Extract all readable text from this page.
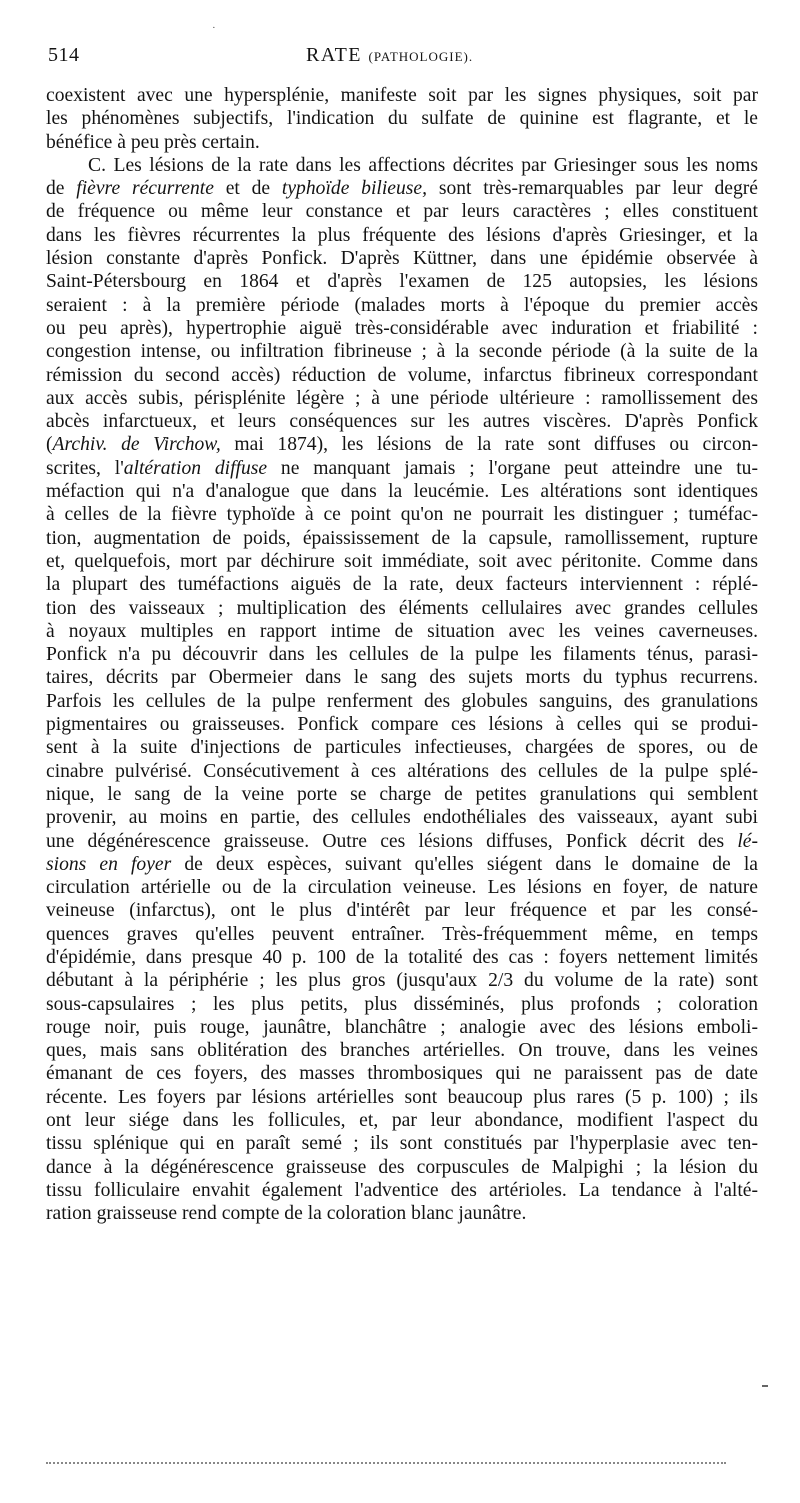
·
514	RATE (PATHOLOGIE).
coexistent avec une hypersplénie, manifeste soit par les signes physiques, soit par
les phénomènes subjectifs, l'indication du sulfate de quinine est flagrante, et le
bénéfice à peu près certain.
C. Les lésions de la rate dans les affections décrites par Griesinger sous les noms
de fièvre récurrente et de typhoïde bilieuse, sont très-remarquables par leur degré
de fréquence ou même leur constance et par leurs caractères ; elles constituent
dans les fièvres récurrentes la plus fréquente des lésions d'après Griesinger, et la
lésion constante d'après Ponfick. D'après Küttner, dans une épidémie observée à
Saint-Pétersbourg en 1864 et d'après l'examen de 125 autopsies, les lésions
seraient : à la première période (malades morts à l'époque du premier accès
ou peu après), hypertrophie aiguë très-considérable avec induration et friabilité :
congestion intense, ou infiltration fibrineuse ; à la seconde période (à la suite de la
rémission du second accès) réduction de volume, infarctus fibrineux correspondant
aux accès subis, périsplénite légère ; à une période ultérieure : ramollissement des
abcès infarctueux, et leurs conséquences sur les autres viscères. D'après Ponfick
(Archiv. de Virchow, mai 1874), les lésions de la rate sont diffuses ou circon-
scrites, l'altération diffuse ne manquant jamais ; l'organe peut atteindre une tu-
méfaction qui n'a d'analogue que dans la leucémie. Les altérations sont identiques
à celles de la fièvre typhoïde à ce point qu'on ne pourrait les distinguer ; tuméfac-
tion, augmentation de poids, épaississement de la capsule, ramollissement, rupture
et, quelquefois, mort par déchirure soit immédiate, soit avec péritonite. Comme dans
la plupart des tuméfactions aiguës de la rate, deux facteurs interviennent : réplé-
tion des vaisseaux ; multiplication des éléments cellulaires avec grandes cellules
à noyaux multiples en rapport intime de situation avec les veines caverneuses.
Ponfick n'a pu découvrir dans les cellules de la pulpe les filaments ténus, parasi-
taires, décrits par Obermeier dans le sang des sujets morts du typhus recurrens.
Parfois les cellules de la pulpe renferment des globules sanguins, des granulations
pigmentaires ou graisseuses. Ponfick compare ces lésions à celles qui se produi-
sent à la suite d'injections de particules infectieuses, chargées de spores, ou de
cinabre pulvérisé. Consécutivement à ces altérations des cellules de la pulpe splé-
nique, le sang de la veine porte se charge de petites granulations qui semblent
provenir, au moins en partie, des cellules endothéliales des vaisseaux, ayant subi
une dégénérescence graisseuse. Outre ces lésions diffuses, Ponfick décrit des lé-
sions en foyer de deux espèces, suivant qu'elles siégent dans le domaine de la
circulation artérielle ou de la circulation veineuse. Les lésions en foyer, de nature
veineuse (infarctus), ont le plus d'intérêt par leur fréquence et par les consé-
quences graves qu'elles peuvent entraîner. Très-fréquemment même, en temps
d'épidémie, dans presque 40 p. 100 de la totalité des cas : foyers nettement limités
débutant à la périphérie ; les plus gros (jusqu'aux 2/3 du volume de la rate) sont
sous-capsulaires ; les plus petits, plus disséminés, plus profonds ; coloration
rouge noir, puis rouge, jaunâtre, blanchâtre ; analogie avec des lésions emboli-
ques, mais sans oblitération des branches artérielles. On trouve, dans les veines
émanant de ces foyers, des masses thrombosiques qui ne paraissent pas de date
récente. Les foyers par lésions artérielles sont beaucoup plus rares (5 p. 100) ; ils
ont leur siége dans les follicules, et, par leur abondance, modifient l'aspect du
tissu splénique qui en paraît semé ; ils sont constitués par l'hyperplasie avec ten-
dance à la dégénérescence graisseuse des corpuscules de Malpighi ; la lésion du
tissu folliculaire envahit également l'adventice des artérioles. La tendance à l'alté-
ration graisseuse rend compte de la coloration blanc jaunâtre.
